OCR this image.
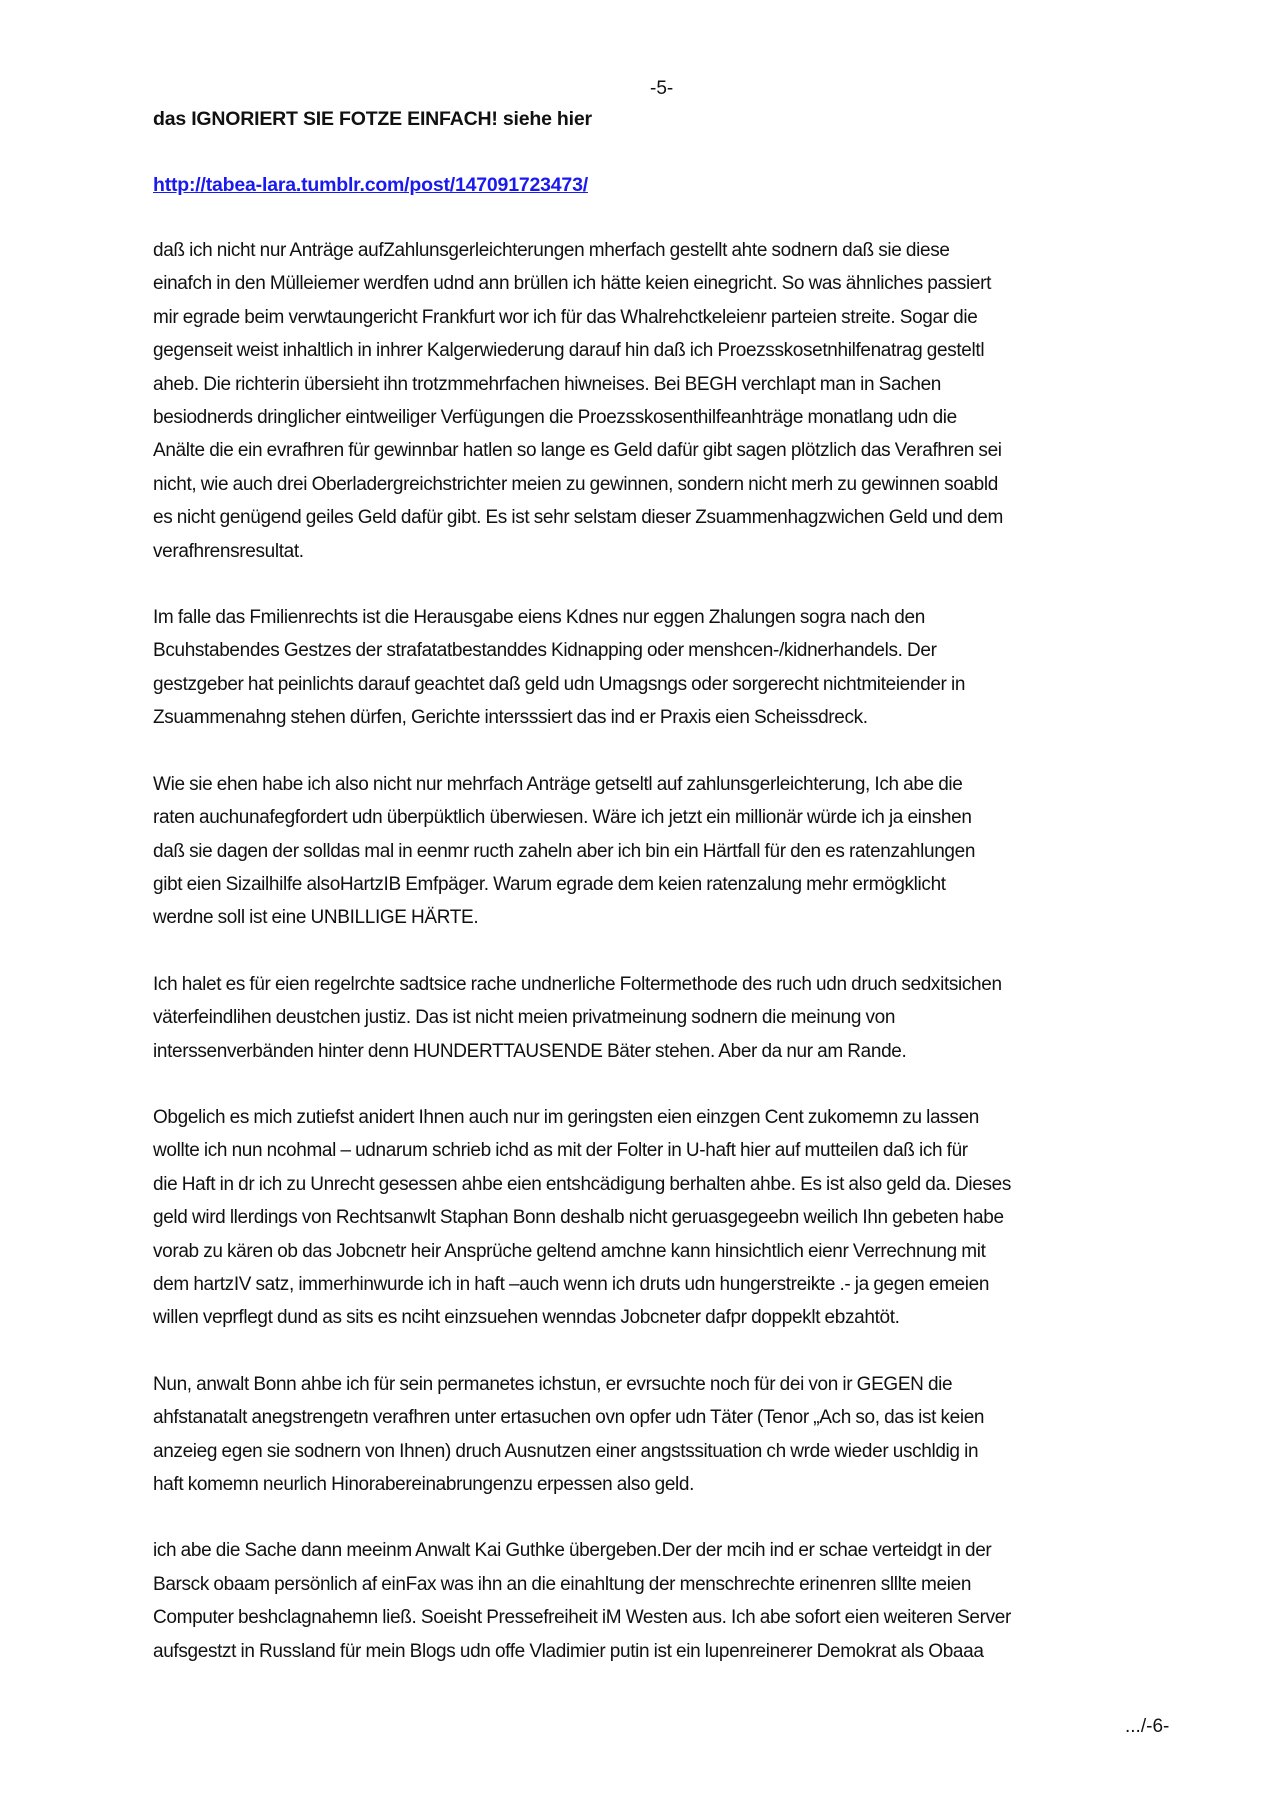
-5-

das IGNORIERT SIE FOTZE EINFACH! siehe hier

http://tabea-lara.tumblr.com/post/147091723473/

daß ich nicht nur Anträge aufZahlunsgerleichterungen mherfach gestellt ahte sodnern daß sie diese
einafch in den Mülleiemer werdfen udnd ann brüllen ich hätte keien einegricht. So was ähnliches passiert
mir egrade beim verwtaungericht Frankfurt wor ich für das Whalrehctkeleienr parteien streite. Sogar die
gegenseit weist inhaltlich in inhrer Kalgerwiederung darauf hin daß ich Proezsskosetnhilfenatrag gesteltl
aheb. Die richterin übersieht ihn trotzmmehrfachen hiwneises. Bei BEGH verchlapt man in Sachen
besiodnerds dringlicher eintweiliger Verfügungen die Proezsskosenthilfeanhträge monatlang udn die
Anälte die ein evrafhren für gewinnbar hatlen so lange es Geld dafür gibt sagen plötzlich das Verafhren sei
nicht, wie auch drei Oberladergreichstrichter meien zu gewinnen, sondern nicht merh zu gewinnen soabld
es nicht genügend geiles Geld dafür gibt. Es ist sehr selstam dieser Zsuammenhagzwichen Geld und dem
verafhrensresultat.

Im falle das Fmilienrechts ist die Herausgabe eiens Kdnes nur eggen Zhalungen sogra nach den
Bcuhstabendes Gestzes der strafatatbestanddes Kidnapping oder menshcen-/kidnerhandels. Der
gestzgeber hat peinlichts darauf geachtet daß geld udn Umagsngs oder sorgerecht nichtmiteiender in
Zsuammenahng stehen dürfen, Gerichte intersssiert das ind er Praxis eien Scheissdreck.

Wie sie ehen habe ich also nicht nur mehrfach Anträge getseltl auf zahlunsgerleichterung, Ich abe die
raten auchunafegfordert udn überpüktlich überwiesen. Wäre ich jetzt ein millionär würde ich ja einshen
daß sie dagen der solldas mal in eenmr ructh zaheln aber ich bin ein Härtfall für den es ratenzahlungen
gibt eien Sizailhilfe alsoHartzIB Emfpäger. Warum egrade dem keien ratenzalung mehr ermögklicht
werdne soll ist eine UNBILLIGE HÄRTE.

Ich halet es für eien regelrchte sadtsice rache undnerliche Foltermethode des ruch udn druch sedxitsichen
väterfeindlihen deustchen justiz. Das ist nicht meien privatmeinung sodnern die meinung von
interssenverbänden hinter denn HUNDERTTAUSENDE Bäter stehen. Aber da nur am Rande.

Obgelich es mich zutiefst anidert Ihnen auch nur im geringsten eien einzgen Cent zukomemn zu lassen
wollte ich nun ncohmal – udnarum schrieb ichd as mit der Folter in U-haft hier auf mutteilen daß ich für
die Haft in dr ich zu Unrecht gesessen ahbe eien entshcädigung berhalten ahbe. Es ist also geld da. Dieses
geld wird llerdings von Rechtsanwlt Staphan Bonn deshalb nicht geruasgegeebn weilich Ihn gebeten habe
vorab zu kären ob das Jobcnetr heir Ansprüche geltend amchne kann hinsichtlich eienr Verrechnung mit
dem hartzIV satz, immerhinwurde ich in haft –auch wenn ich druts udn hungerstreikte .- ja gegen emeien
willen veprflegt dund as sits es nciht einzsuehen wenndas Jobcneter dafpr doppeklt ebzahtöt.

Nun, anwalt Bonn ahbe ich für sein permanetes ichstun, er evrsuchte noch für dei von ir GEGEN die
ahfstanatalt anegstrengetn verafhren unter ertasuchen ovn opfer udn Täter (Tenor „Ach so, das ist keien
anzeieg egen sie sodnern von Ihnen) druch Ausnutzen einer angstssituation ch wrde wieder uschldig in
haft komemn neurlich Hinorabereinabrungenzu erpessen also geld.

ich abe die Sache dann meeinm Anwalt Kai Guthke übergeben.Der der mcih ind er schae verteidgt in der
Barsck obaam persönlich af einFax was ihn an die einahltung der menschrechte erinenren slllte meien
Computer beshclagnahemn ließ. Soeisht Pressefreiheit iM Westen aus. Ich abe sofort eien weiteren Server
aufsgestzt in Russland für mein Blogs udn offe Vladimier putin ist ein lupenreinerer Demokrat als Obaaa

.../-6-
